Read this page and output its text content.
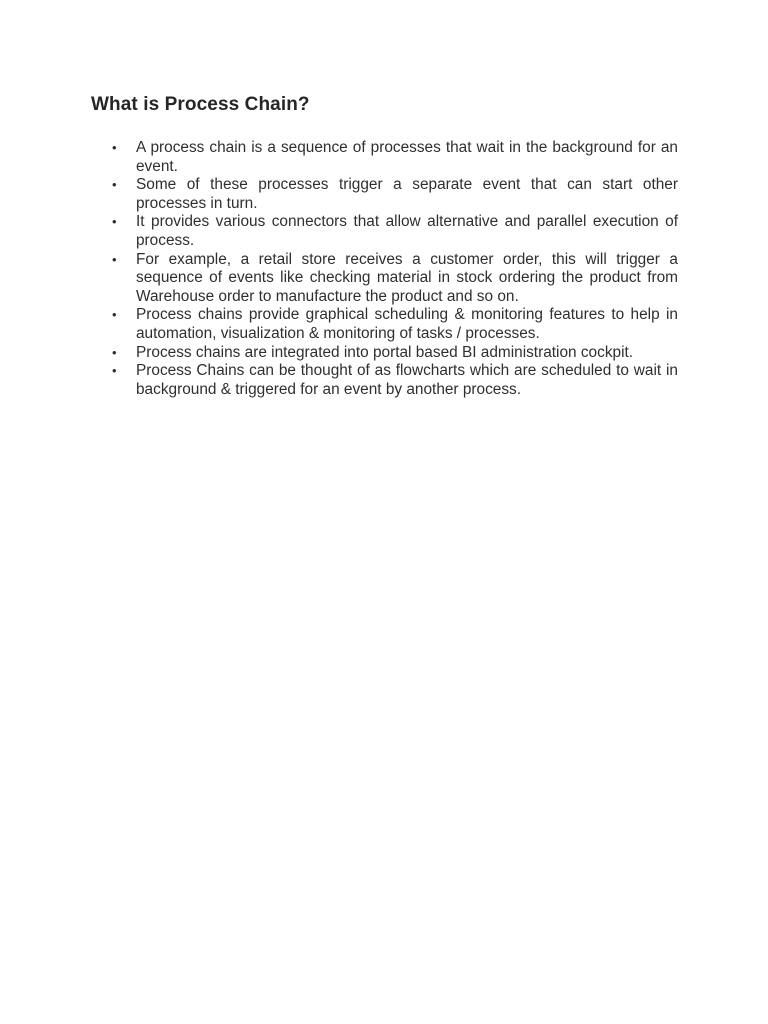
What is Process Chain?
• A process chain is a sequence of processes that wait in the background for an event.
• Some of these processes trigger a separate event that can start other processes in turn.
• It provides various connectors that allow alternative and parallel execution of process.
• For example, a retail store receives a customer order, this will trigger a sequence of events like checking material in stock ordering the product from Warehouse order to manufacture the product and so on.
• Process chains provide graphical scheduling & monitoring features to help in automation, visualization & monitoring of tasks / processes.
• Process chains are integrated into portal based BI administration cockpit.
• Process Chains can be thought of as flowcharts which are scheduled to wait in background & triggered for an event by another process.
